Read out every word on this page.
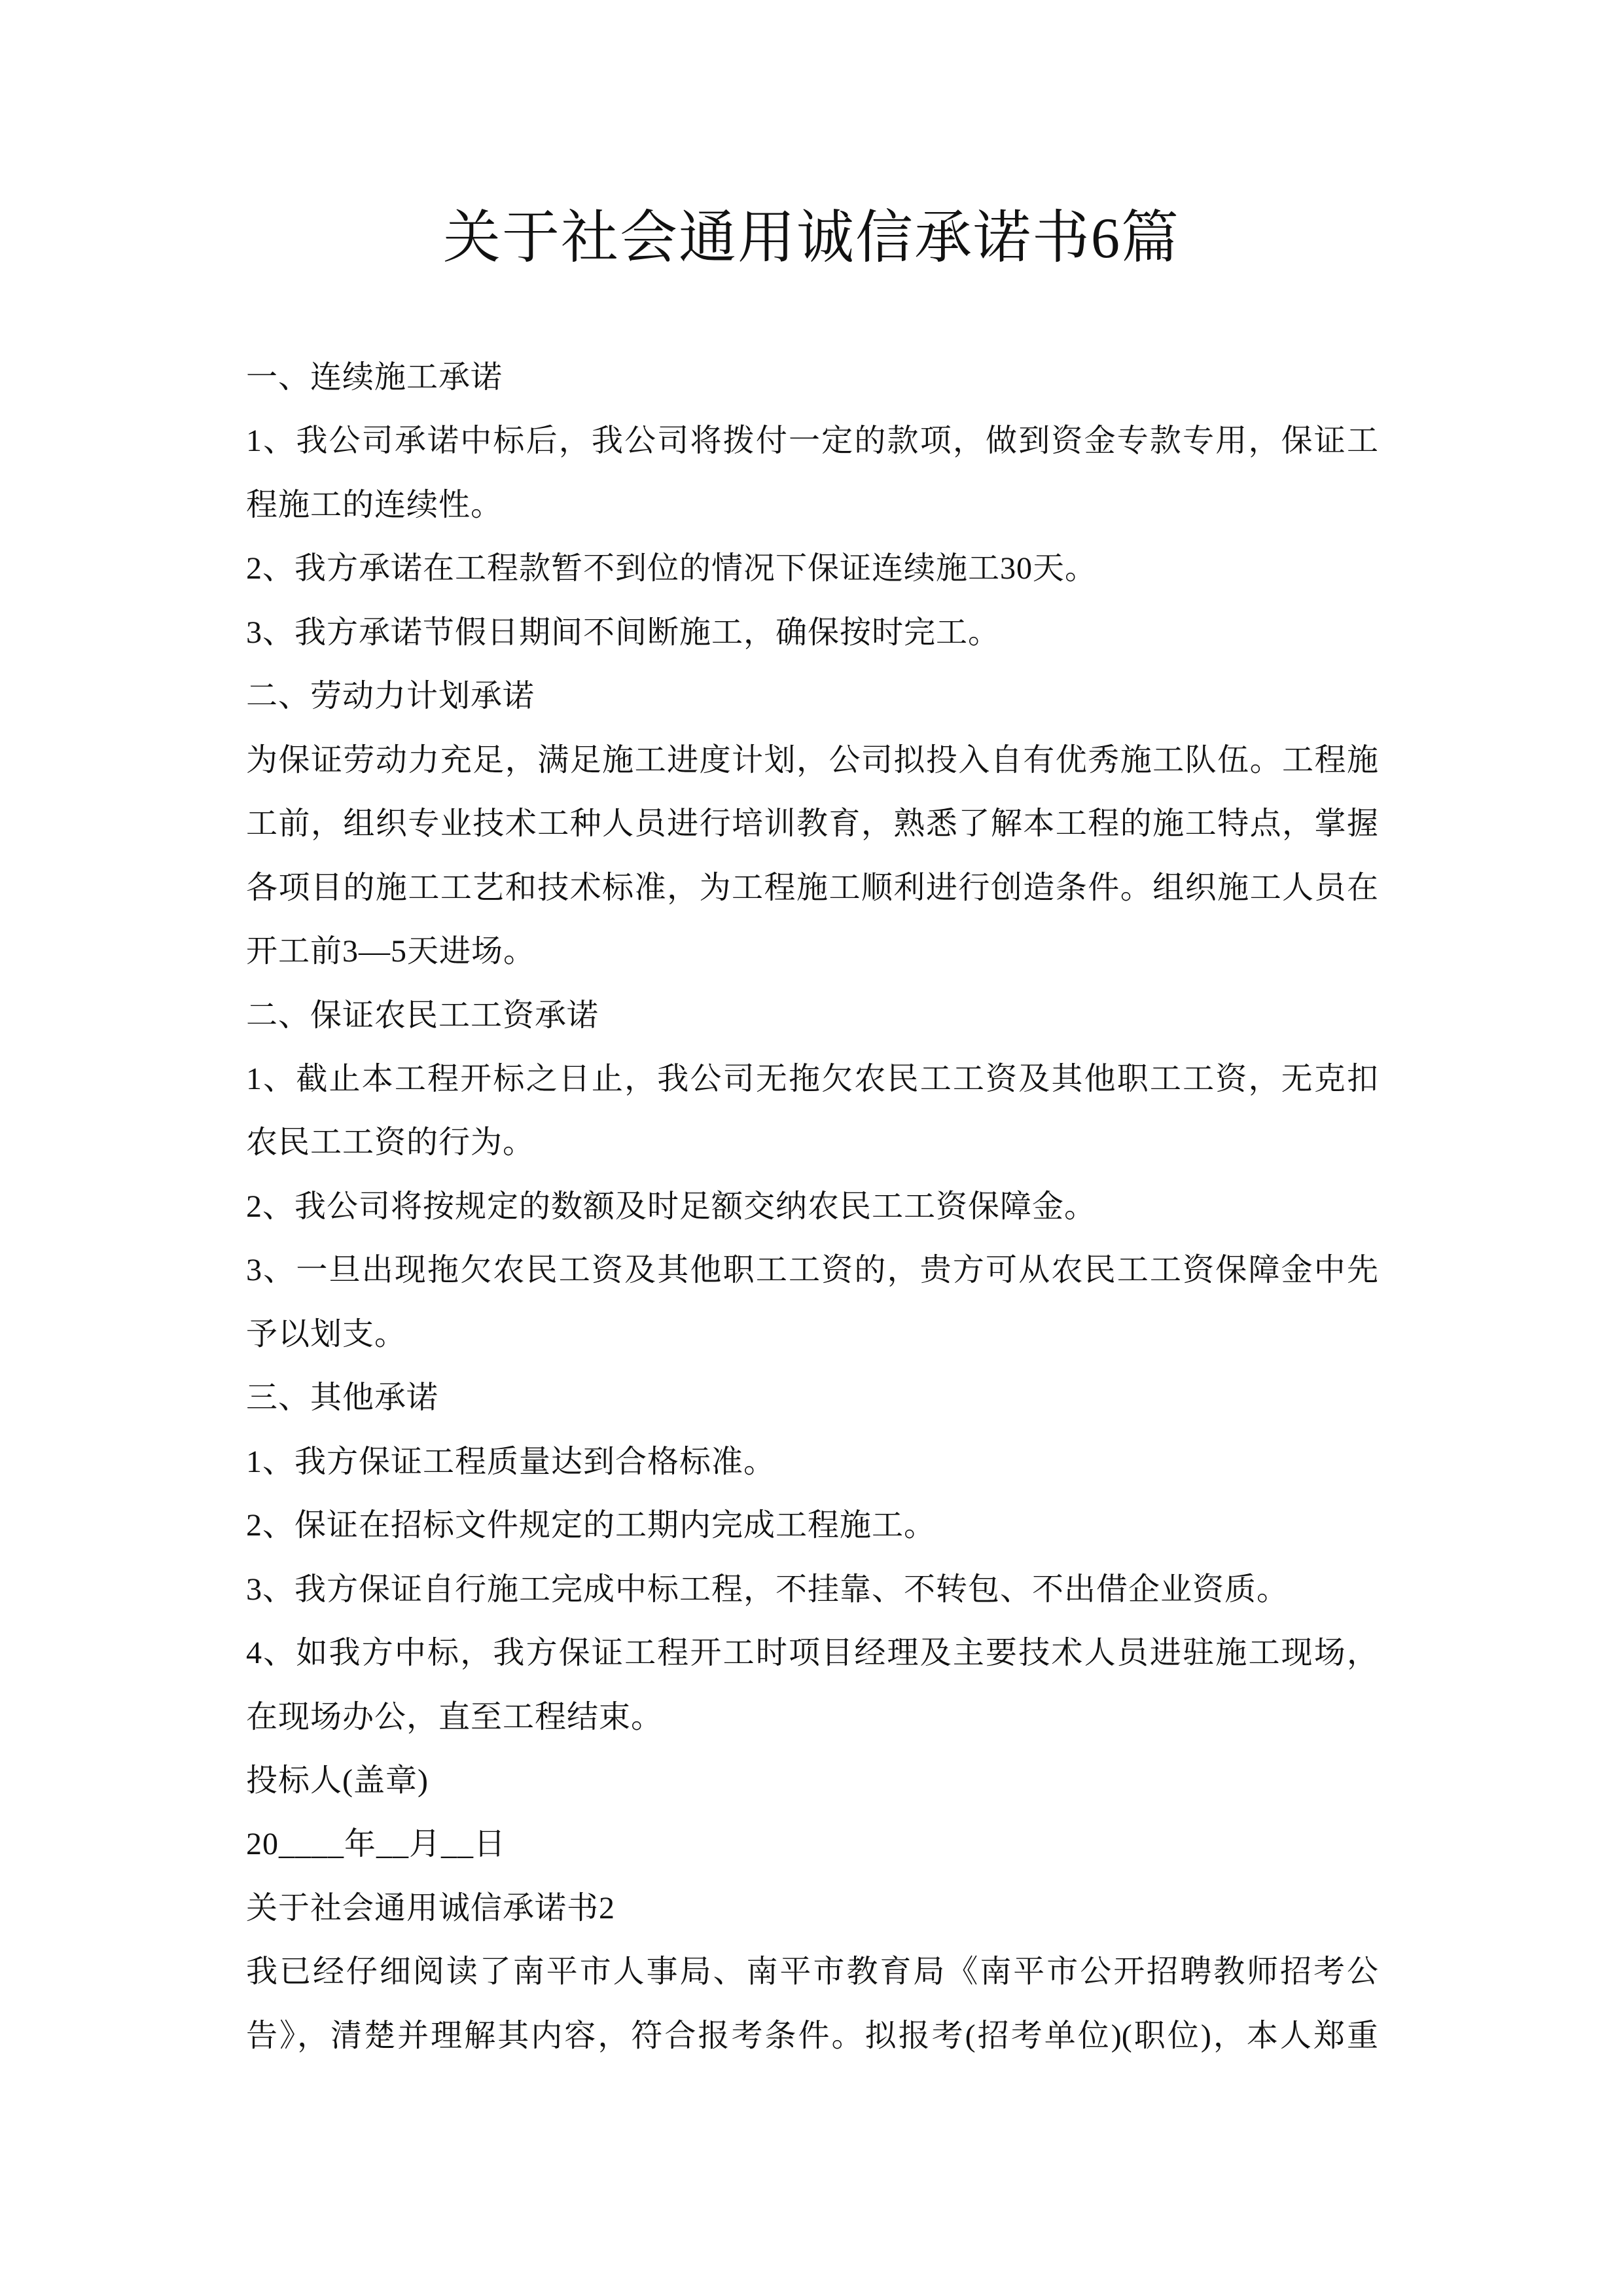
关于社会通用诚信承诺书6篇
一、连续施工承诺
1、我公司承诺中标后，我公司将拨付一定的款项，做到资金专款专用，保证工
程施工的连续性。
2、我方承诺在工程款暂不到位的情况下保证连续施工30天。
3、我方承诺节假日期间不间断施工，确保按时完工。
二、劳动力计划承诺
为保证劳动力充足，满足施工进度计划，公司拟投入自有优秀施工队伍。工程施
工前，组织专业技术工种人员进行培训教育，熟悉了解本工程的施工特点，掌握
各项目的施工工艺和技术标准，为工程施工顺利进行创造条件。组织施工人员在
开工前3—5天进场。
二、保证农民工工资承诺
1、截止本工程开标之日止，我公司无拖欠农民工工资及其他职工工资，无克扣
农民工工资的行为。
2、我公司将按规定的数额及时足额交纳农民工工资保障金。
3、一旦出现拖欠农民工资及其他职工工资的，贵方可从农民工工资保障金中先
予以划支。
三、其他承诺
1、我方保证工程质量达到合格标准。
2、保证在招标文件规定的工期内完成工程施工。
3、我方保证自行施工完成中标工程，不挂靠、不转包、不出借企业资质。
4、如我方中标，我方保证工程开工时项目经理及主要技术人员进驻施工现场，
在现场办公，直至工程结束。
投标人(盖章)
20____年__月__日
关于社会通用诚信承诺书2
我已经仔细阅读了南平市人事局、南平市教育局《南平市公开招聘教师招考公
告》，清楚并理解其内容，符合报考条件。拟报考(招考单位)(职位)，本人郑重
